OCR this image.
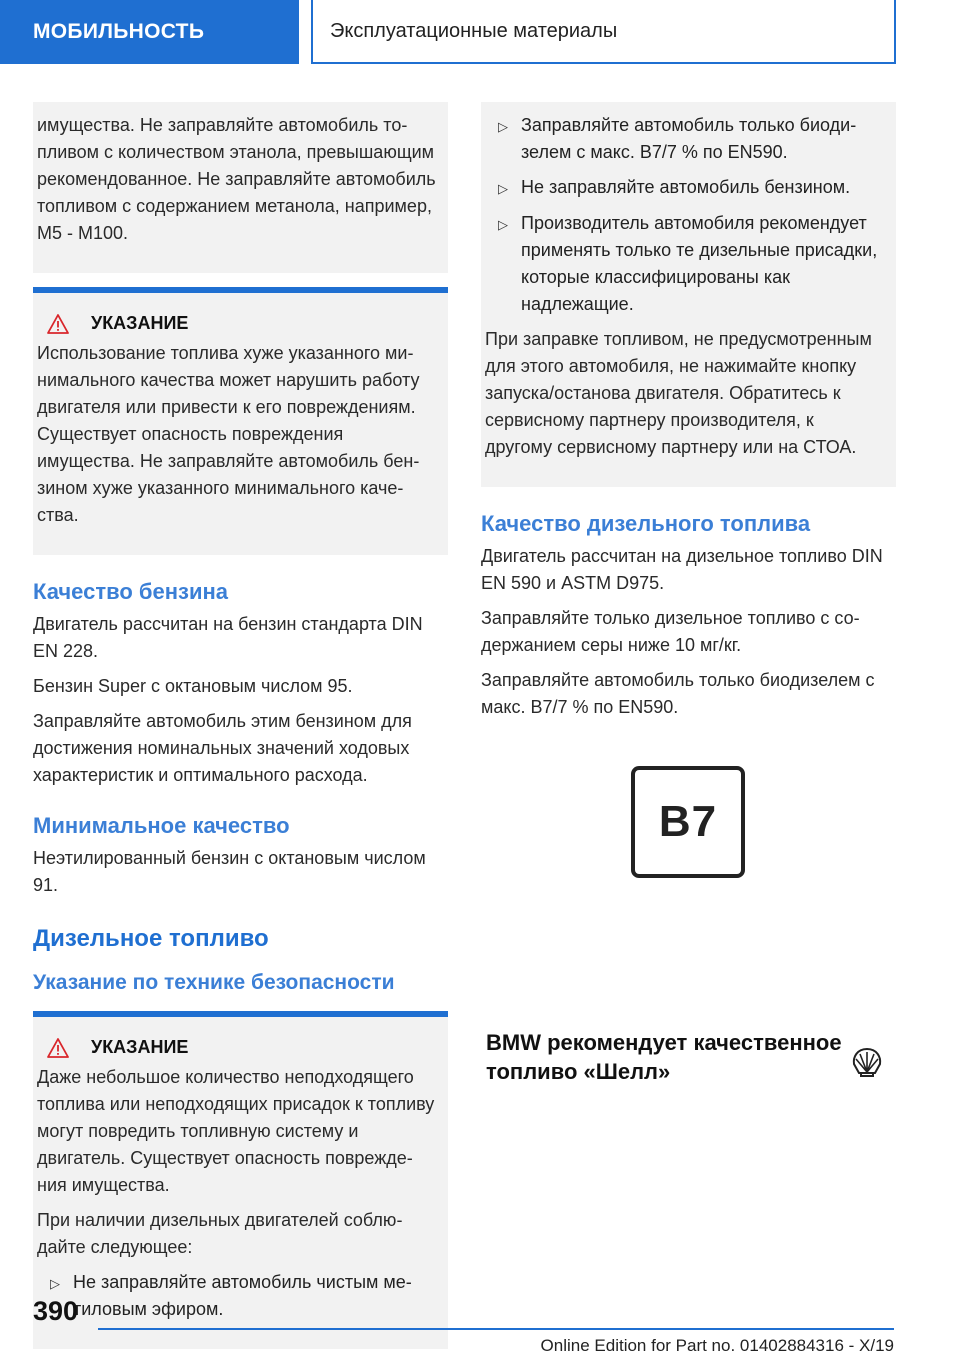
МОБИЛЬНОСТЬ	Эксплуатационные материалы

имущества. Не заправляйте автомобиль топливом с количеством этанола, превышающим рекомендованное. Не заправляйте автомобиль топливом с содержанием метанола, например, M5 - M100.

УКАЗАНИЕ

Использование топлива хуже указанного минимального качества может нарушить работу двигателя или привести к его повреждениям. Существует опасность повреждения имущества. Не заправляйте автомобиль бензином хуже указанного минимального качества.

Качество бензина

Двигатель рассчитан на бензин стандарта DIN EN 228.

Бензин Super с октановым числом 95.

Заправляйте автомобиль этим бензином для достижения номинальных значений ходовых характеристик и оптимального расхода.

Минимальное качество

Неэтилированный бензин с октановым числом 91.

Дизельное топливо
Указание по технике безопасности
УКАЗАНИЕ

Даже небольшое количество неподходящего топлива или неподходящих присадок к топливу могут повредить топливную систему и двигатель. Существует опасность повреждения имущества.

При наличии дизельных двигателей соблюдайте следующее:

▷ Не заправляйте автомобиль чистым метиловым эфиром.
▷ Заправляйте автомобиль только биодизелем с макс. B7/7 % по EN590.
▷ Не заправляйте автомобиль бензином.
▷ Производитель автомобиля рекомендует применять только те дизельные присадки, которые классифицированы как надлежащие.

При заправке топливом, не предусмотренным для этого автомобиля, не нажимайте кнопку запуска/останова двигателя. Обратитесь к сервисному партнеру производителя, к другому сервисному партнеру или на СТОА.

Качество дизельного топлива

Двигатель рассчитан на дизельное топливо DIN EN 590 и ASTM D975.

Заправляйте только дизельное топливо с содержанием серы ниже 10 мг/кг.

Заправляйте автомобиль только биодизелем с макс. B7/7 % по EN590.

B7
BMW рекомендует качественное топливо «Шелл»
390
Online Edition for Part no. 01402884316 - X/19
